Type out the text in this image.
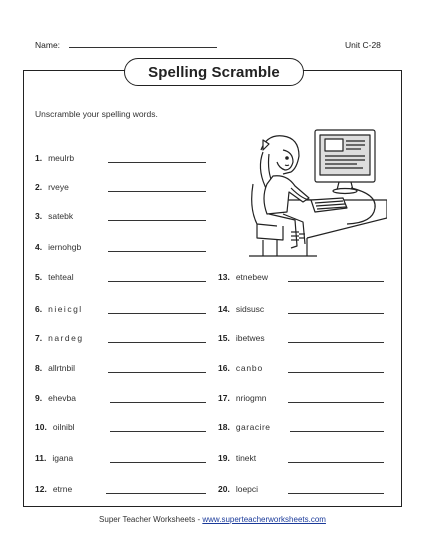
Name:	Unit C-28
Spelling Scramble
Unscramble your spelling words.
1. meulrb
2. rveye
3. satebk
4. iernohgb
5. tehteal
6. nieicgl
7. nardeg
8. allrtnbil
9. ehevba
10. oilnibl
11. igana
12. etrne
13. etnebew
14. sidsusc
15. ibetwes
16. canbo
17. nriogmn
18. garacire
19. tinekt
20. loepci
Super Teacher Worksheets - www.superteacherworksheets.com
